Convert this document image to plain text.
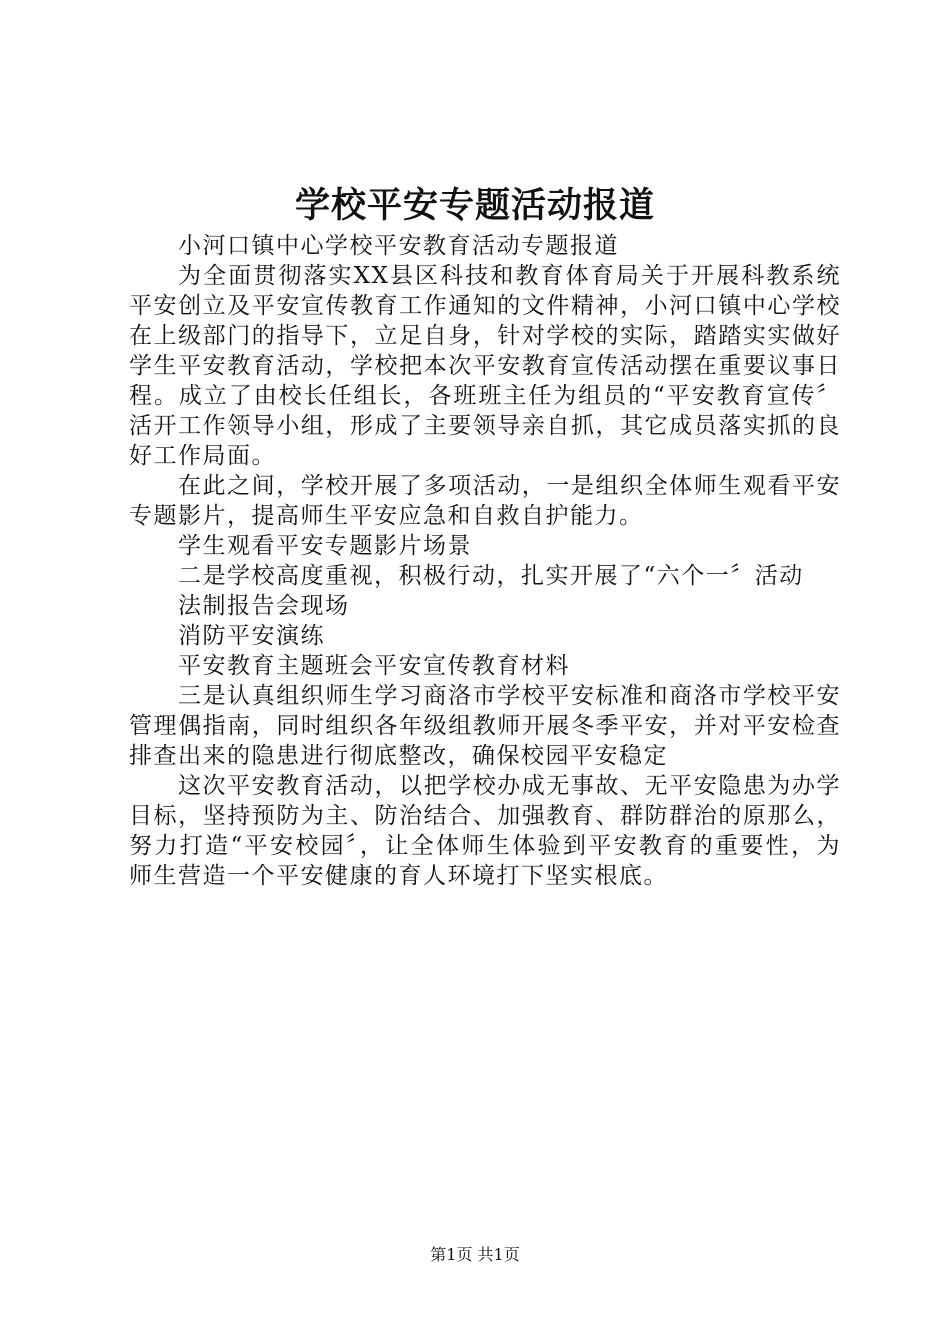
学校平安专题活动报道

小河口镇中心学校平安教育活动专题报道

为全面贯彻落实XX县区科技和教育体育局关于开展科教系统平安创立及平安宣传教育工作通知的文件精神，小河口镇中心学校在上级部门的指导下，立足自身，针对学校的实际，踏踏实实做好学生平安教育活动，学校把本次平安教育宣传活动摆在重要议事日程。成立了由校长任组长，各班班主任为组员的“平安教育宣传〞活开工作领导小组，形成了主要领导亲自抓，其它成员落实抓的良好工作局面。

在此之间，学校开展了多项活动，一是组织全体师生观看平安专题影片，提高师生平安应急和自救自护能力。

学生观看平安专题影片场景

二是学校高度重视，积极行动，扎实开展了“六个一〞活动

法制报告会现场

消防平安演练

平安教育主题班会平安宣传教育材料

三是认真组织师生学习商洛市学校平安标准和商洛市学校平安管理偶指南，同时组织各年级组教师开展冬季平安，并对平安检查排查出来的隐患进行彻底整改，确保校园平安稳定

这次平安教育活动，以把学校办成无事故、无平安隐患为办学目标，坚持预防为主、防治结合、加强教育、群防群治的原那么，努力打造“平安校园〞，让全体师生体验到平安教育的重要性，为师生营造一个平安健康的育人环境打下坚实根底。

第1页 共1页
